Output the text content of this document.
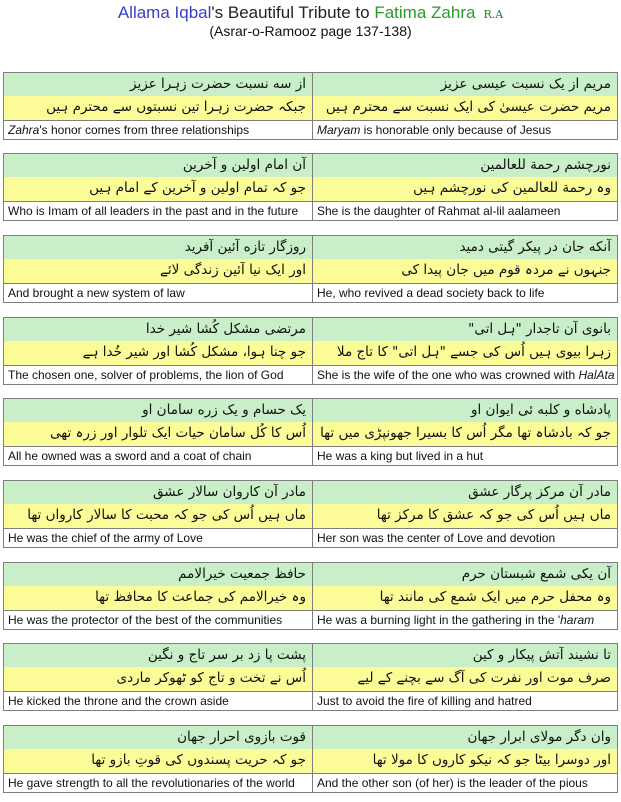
Allama Iqbal's Beautiful Tribute to Fatima Zahra R.A
(Asrar-o-Ramooz page 137-138)
از سه نسبت حضرت زہرا عزیز	مریم از یک نسبت عیسی عزیز
جبکہ حضرت زہرا تین نسبتوں سے محترم ہیں	مریم حضرت عیسیٰ کی ایک نسبت سے محترم ہیں
Zahra's honor comes from three relationships	Maryam is honorable only because of Jesus
آن امام اولین و آخرین	نورچشم رحمة للعالمین
جو کہ تمام اولین و آخرین کے امام ہیں	وہ رحمة للعالمین کی نورچشم ہیں
Who is Imam of all leaders in the past and in the future	She is the daughter of Rahmat al-lil aalameen
روزگار تازه آئین آفرید	آنکه جان در پیکر گیتی دمید
اور ایک نیا آئین زندگی لائے	جنہوں نے مردہ قوم میں جان پیدا کی
And brought a new system of law	He, who revived a dead society back to life
مرتضی مشکل کُشا شیر خدا	بانوی آن تاجدار "ہل اتی"
جو چنا ہوا، مشکل کُشا اور شیر خُدا ہے	زہرا بیوی ہیں اُس کی جسے "ہل اتی" کا تاج ملا
The chosen one, solver of problems, the lion of God	She is the wife of the one who was crowned with HalAta
یک حسام و یک زره سامان او	پادشاه و کلبه ئی ایوان او
اُس کا کُل سامان حیات ایک تلوار اور زرہ تھی	جو کہ بادشاہ تھا مگر اُس کا بسیرا جھونپڑی میں تھا
All he owned was a sword and a coat of chain	He was a king but lived in a hut
مادر آن کاروان سالار عشق	مادر آن مرکز پرگار عشق
ماں ہیں اُس کی جو کہ محبت کا سالار کارواں تھا	ماں ہیں اُس کی جو کہ عشق کا مرکز تھا
He was the chief of the army of Love	Her son was the center of Love and devotion
حافظ جمعیت خیرالامم	آن یکی شمع شبستان حرم
وہ خیرالامم کی جماعت کا محافظ تھا	وہ محفل حرم میں ایک شمع کی مانند تھا
He was the protector of the best of the communities	He was a burning light in the gathering in the 'haram
پشت پا زد بر سر تاج و نگین	تا نشیند آتش پیکار و کین
اُس نے تخت و تاج کو ٹھوکر ماردی	صرف موت اور نفرت کی آگ سے بچنے کے لیے
He kicked the throne and the crown aside	Just to avoid the fire of killing and hatred
قوت بازوی احرار جهان	وان دگر مولای ابرار جهان
جو کہ حریت پسندوں کی قوتِ بازو تھا	اور دوسرا بیٹا جو کہ نیکو کاروں کا مولا تھا
He gave strength to all the revolutionaries of the world	And the other son (of her) is the leader of the pious
